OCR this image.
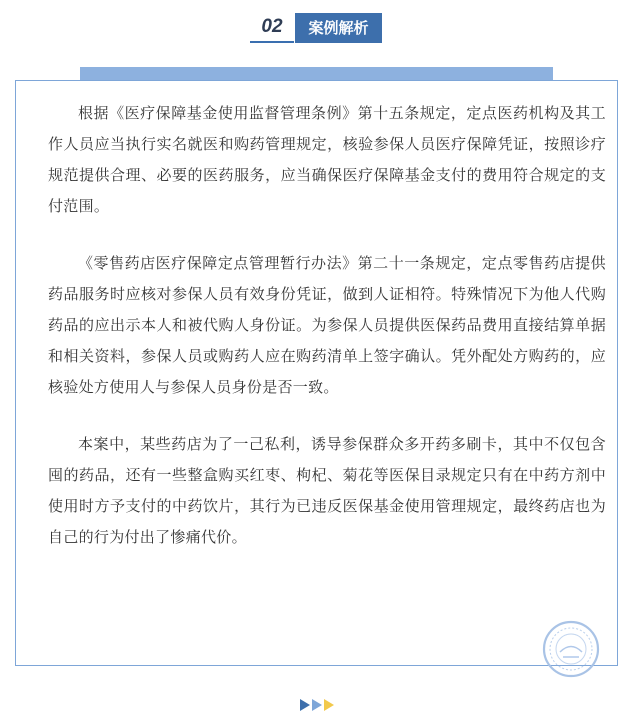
02	案例解析

根据《医疗保障基金使用监督管理条例》第十五条规定，定点医药机构及其工作人员应当执行实名就医和购药管理规定，核验参保人员医疗保障凭证，按照诊疗规范提供合理、必要的医药服务，应当确保医疗保障基金支付的费用符合规定的支付范围。

《零售药店医疗保障定点管理暂行办法》第二十一条规定，定点零售药店提供药品服务时应核对参保人员有效身份凭证，做到人证相符。特殊情况下为他人代购药品的应出示本人和被代购人身份证。为参保人员提供医保药品费用直接结算单据和相关资料，参保人员或购药人应在购药清单上签字确认。凭外配处方购药的，应核验处方使用人与参保人员身份是否一致。

本案中，某些药店为了一己私利，诱导参保群众多开药多刷卡，其中不仅包含囤的药品，还有一些整盒购买红枣、枸杞、菊花等医保目录规定只有在中药方剂中使用时方予支付的中药饮片，其行为已违反医保基金使用管理规定，最终药店也为自己的行为付出了惨痛代价。
